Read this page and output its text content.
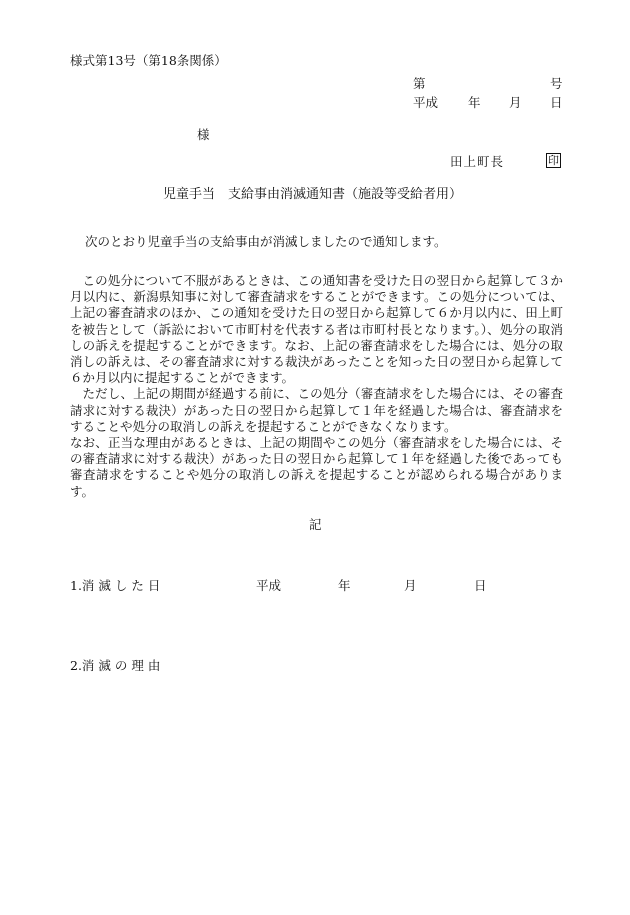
様式第13号（第18条関係）
第	号
平成 年 月 日
様
田上町長	印
児童手当　支給事由消滅通知書（施設等受給者用）
次のとおり児童手当の支給事由が消滅しましたので通知します。

この処分について不服があるときは、この通知書を受けた日の翌日から起算して３か月以内に、新潟県知事に対して審査請求をすることができます。この処分については、上記の審査請求のほか、この通知を受けた日の翌日から起算して６か月以内に、田上町を被告として（訴訟において市町村を代表する者は市町村長となります。）、処分の取消しの訴えを提起することができます。なお、上記の審査請求をした場合には、処分の取消しの訴えは、その審査請求に対する裁決があったことを知った日の翌日から起算して６か月以内に提起することができます。

ただし、上記の期間が経過する前に、この処分（審査請求をした場合には、その審査請求に対する裁決）があった日の翌日から起算して１年を経過した場合は、審査請求をすることや処分の取消しの訴えを提起することができなくなります。

なお、正当な理由があるときは、上記の期間やこの処分（審査請求をした場合には、その審査請求に対する裁決）があった日の翌日から起算して１年を経過した後であっても審査請求をすることや処分の取消しの訴えを提起することが認められる場合があります。

記
1.消 滅 し た 日	平成	年	月	日
2.消 滅 の 理 由
